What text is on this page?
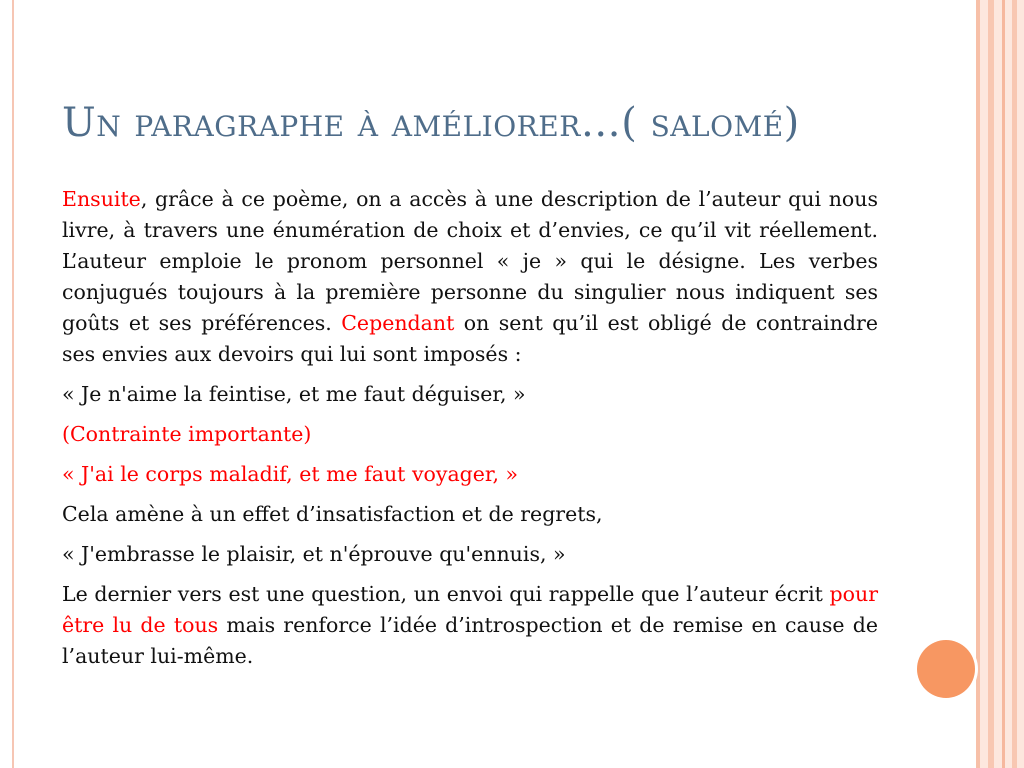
Un paragraphe à améliorer…( salomé)

Ensuite, grâce à ce poème, on a accès à une description de l’auteur qui nous livre, à travers une énumération de choix et d’envies, ce qu’il vit réellement. L’auteur emploie le pronom personnel « je » qui le désigne. Les verbes conjugués toujours à la première personne du singulier nous indiquent ses goûts et ses préférences. Cependant on sent qu’il est obligé de contraindre ses envies aux devoirs qui lui sont imposés :

« Je n'aime la feintise, et me faut déguiser, »

(Contrainte importante)

« J'ai le corps maladif, et me faut voyager, »

Cela amène à un effet d’insatisfaction et de regrets,

« J'embrasse le plaisir, et n'éprouve qu'ennuis, »

Le dernier vers est une question, un envoi qui rappelle que l’auteur écrit pour être lu de tous mais renforce l’idée d’introspection et de remise en cause de l’auteur lui-même.
